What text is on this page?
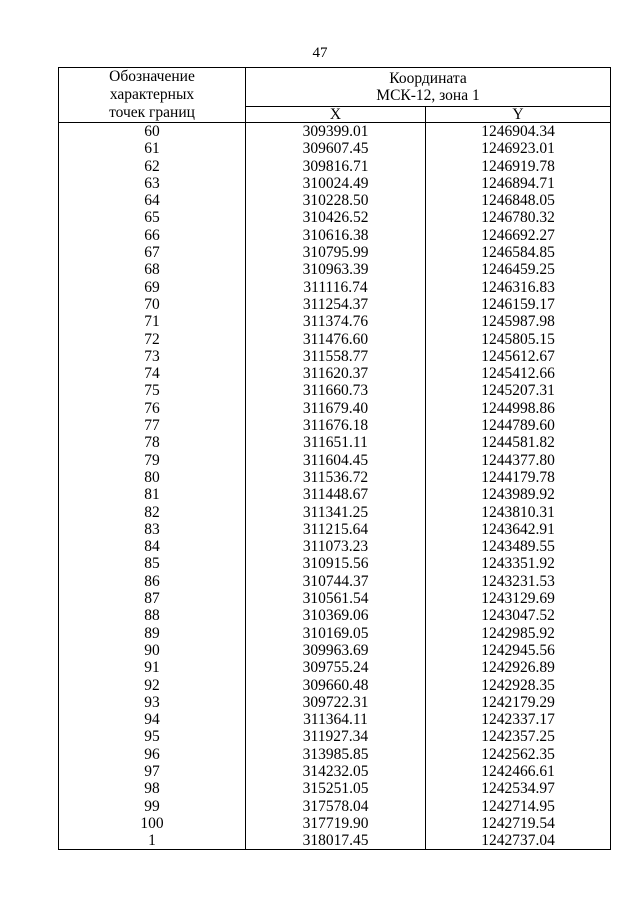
47
Обозначение
характерных
точек границ	Координата
МСК-12, зона 1	

	X	Y
60	309399.01	1246904.34
61	309607.45	1246923.01
62	309816.71	1246919.78
63	310024.49	1246894.71
64	310228.50	1246848.05
65	310426.52	1246780.32
66	310616.38	1246692.27
67	310795.99	1246584.85
68	310963.39	1246459.25
69	311116.74	1246316.83
70	311254.37	1246159.17
71	311374.76	1245987.98
72	311476.60	1245805.15
73	311558.77	1245612.67
74	311620.37	1245412.66
75	311660.73	1245207.31
76	311679.40	1244998.86
77	311676.18	1244789.60
78	311651.11	1244581.82
79	311604.45	1244377.80
80	311536.72	1244179.78
81	311448.67	1243989.92
82	311341.25	1243810.31
83	311215.64	1243642.91
84	311073.23	1243489.55
85	310915.56	1243351.92
86	310744.37	1243231.53
87	310561.54	1243129.69
88	310369.06	1243047.52
89	310169.05	1242985.92
90	309963.69	1242945.56
91	309755.24	1242926.89
92	309660.48	1242928.35
93	309722.31	1242179.29
94	311364.11	1242337.17
95	311927.34	1242357.25
96	313985.85	1242562.35
97	314232.05	1242466.61
98	315251.05	1242534.97
99	317578.04	1242714.95
100	317719.90	1242719.54
1	318017.45	1242737.04
